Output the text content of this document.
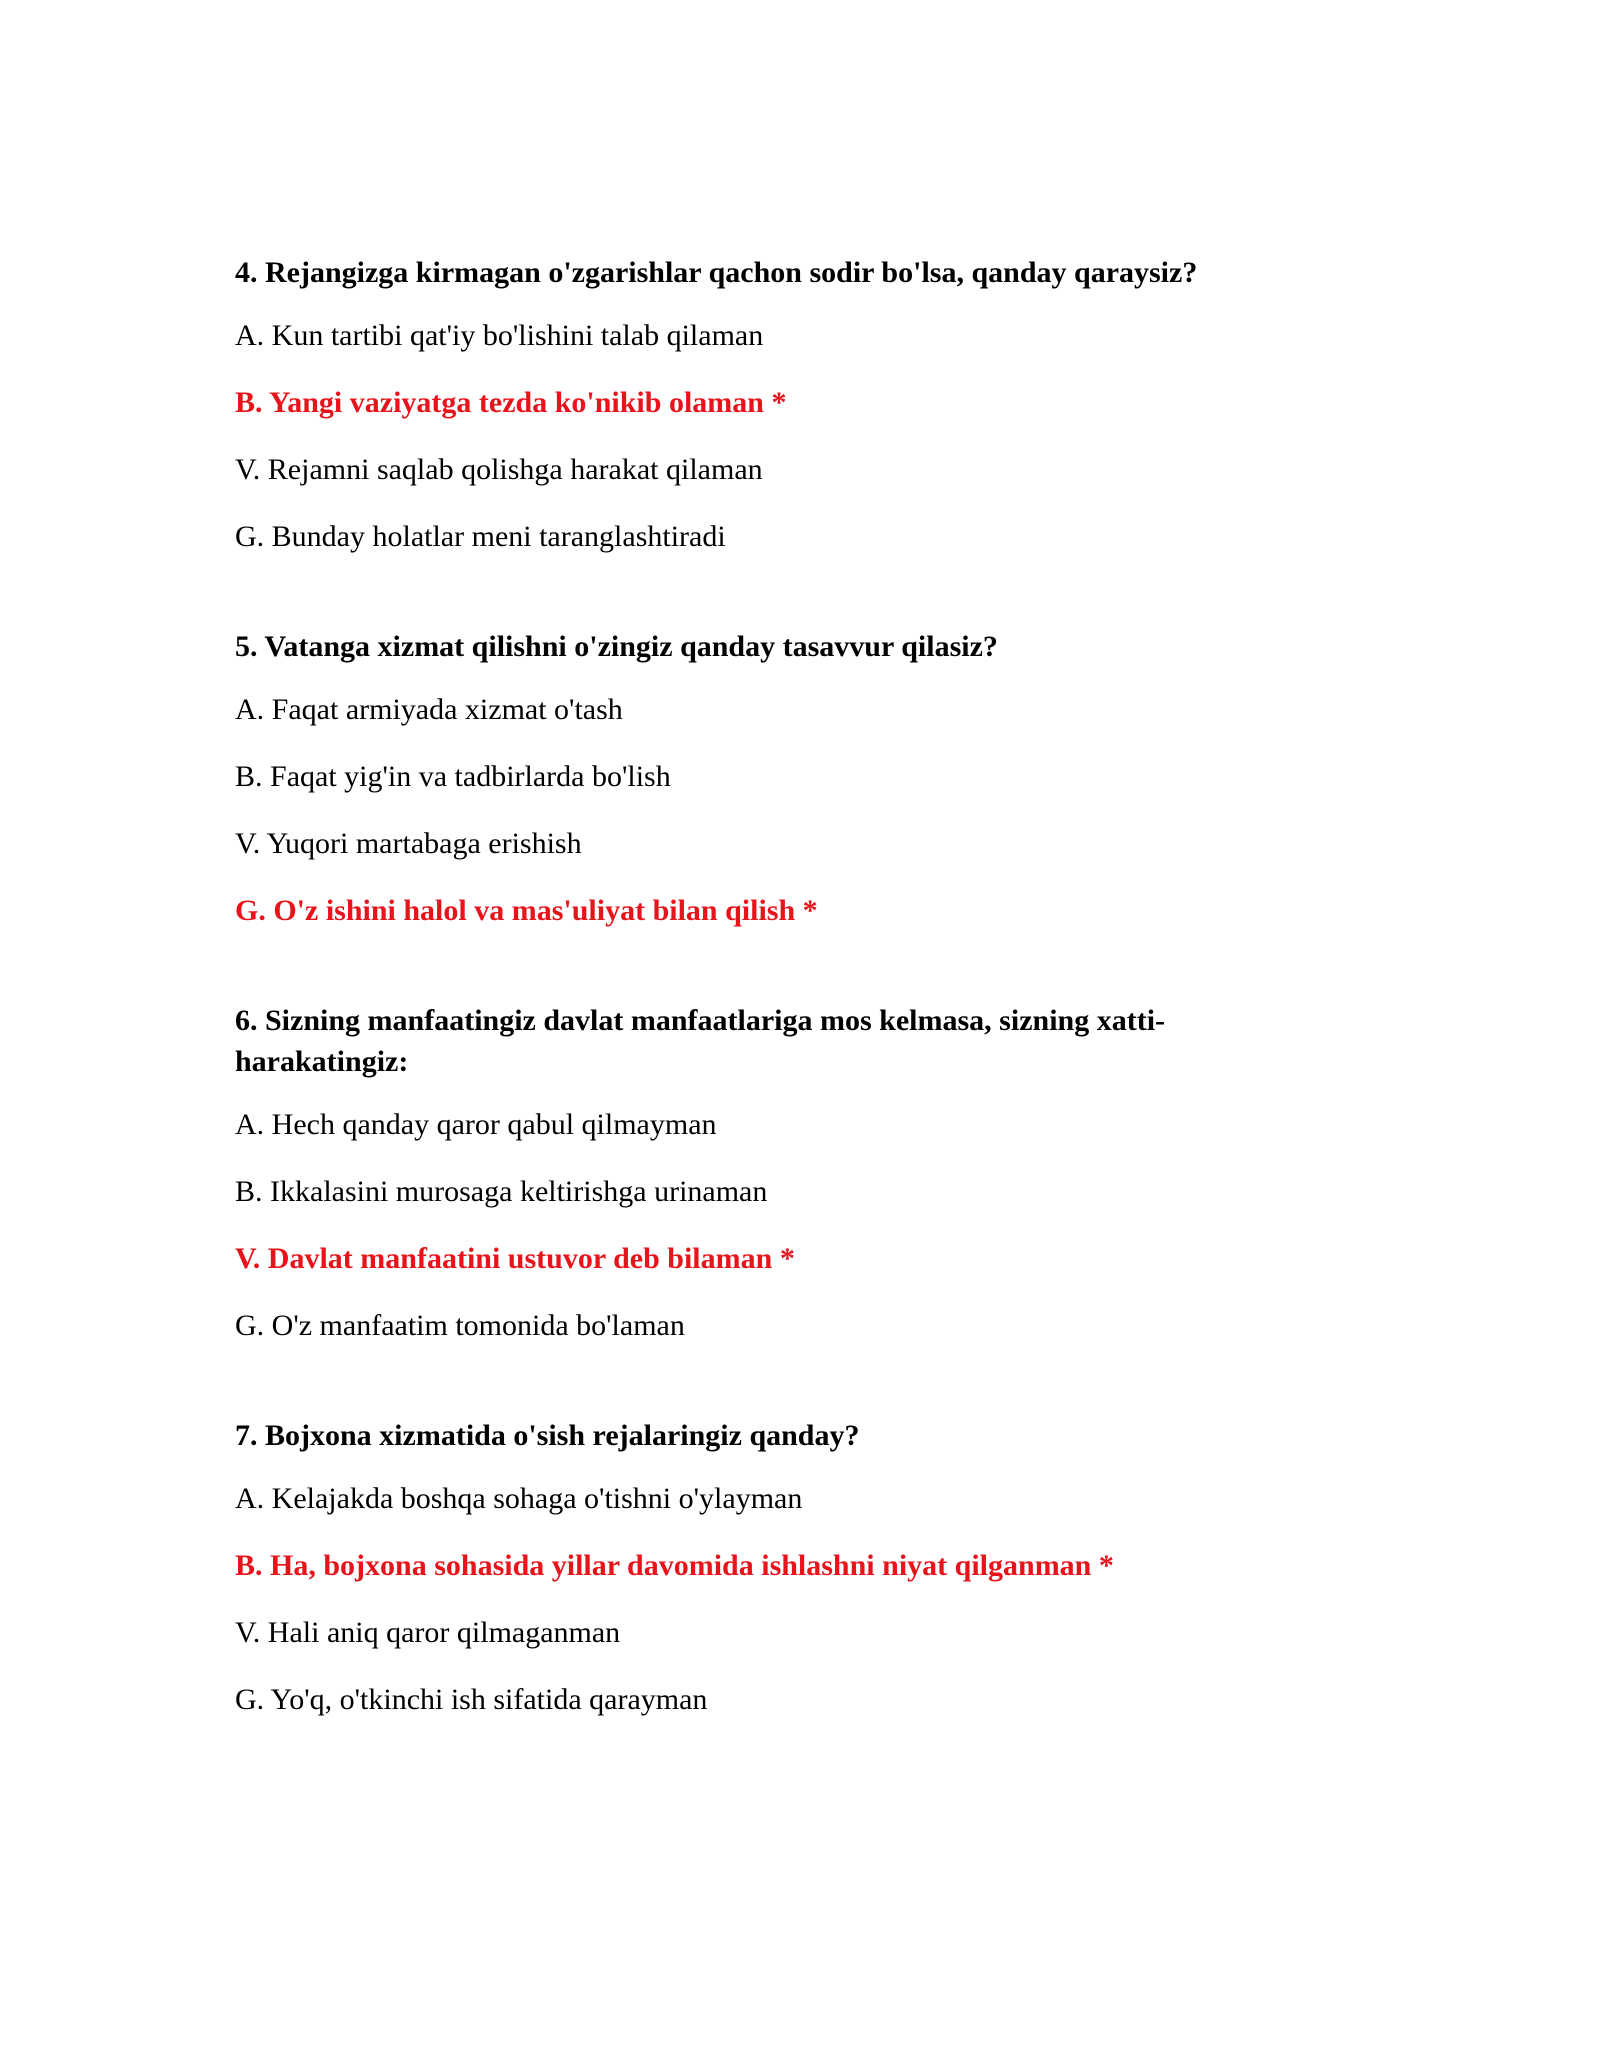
4. Rejangizga kirmagan o'zgarishlar qachon sodir bo'lsa, qanday qaraysiz?

A. Kun tartibi qat'iy bo'lishini talab qilaman
B. Yangi vaziyatga tezda ko'nikib olaman *
V. Rejamni saqlab qolishga harakat qilaman
G. Bunday holatlar meni taranglashtiradi

5. Vatanga xizmat qilishni o'zingiz qanday tasavvur qilasiz?

A. Faqat armiyada xizmat o'tash
B. Faqat yig'in va tadbirlarda bo'lish
V. Yuqori martabaga erishish
G. O'z ishini halol va mas'uliyat bilan qilish *

6. Sizning manfaatingiz davlat manfaatlariga mos kelmasa, sizning xatti-harakatingiz:

A. Hech qanday qaror qabul qilmayman
B. Ikkalasini murosaga keltirishga urinaman
V. Davlat manfaatini ustuvor deb bilaman *
G. O'z manfaatim tomonida bo'laman

7. Bojxona xizmatida o'sish rejalaringiz qanday?

A. Kelajakda boshqa sohaga o'tishni o'ylayman
B. Ha, bojxona sohasida yillar davomida ishlashni niyat qilganman *
V. Hali aniq qaror qilmaganman
G. Yo'q, o'tkinchi ish sifatida qarayman
